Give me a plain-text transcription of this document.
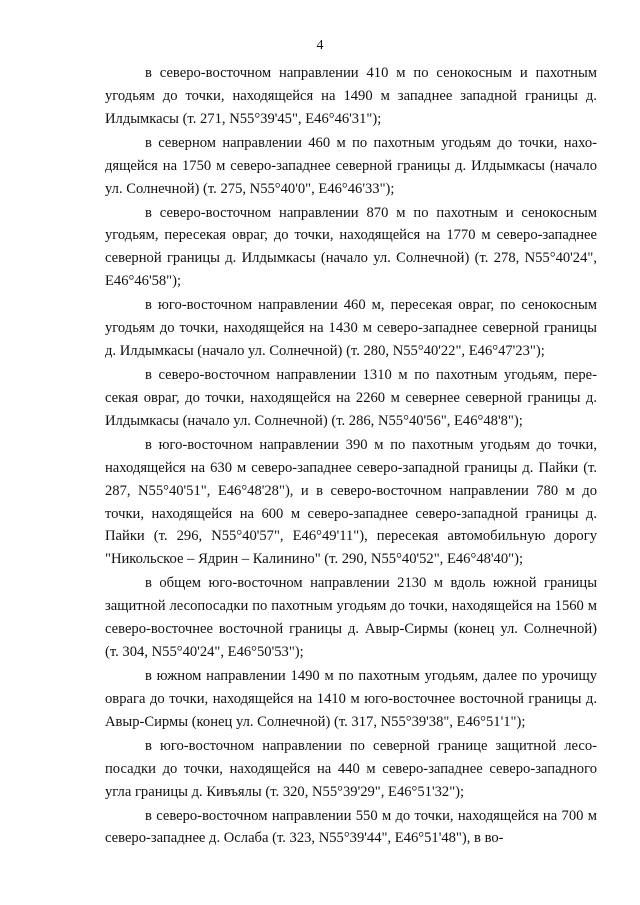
4

в северо-восточном направлении 410 м по сенокосным и пахотным угодьям до точки, находящейся на 1490 м западнее западной границы д. Илдымкасы (т. 271, N55°39'45", E46°46'31");

в северном направлении 460 м по пахотным угодьям до точки, находящейся на 1750 м северо-западнее северной границы д. Илдымкасы (начало ул. Солнечной) (т. 275, N55°40'0", E46°46'33");

в северо-восточном направлении 870 м по пахотным и сенокосным угодьям, пересекая овраг, до точки, находящейся на 1770 м северо-западнее северной границы д. Илдымкасы (начало ул. Солнечной) (т. 278, N55°40'24", E46°46'58");

в юго-восточном направлении 460 м, пересекая овраг, по сенокосным угодьям до точки, находящейся на 1430 м северо-западнее северной границы д. Илдымкасы (начало ул. Солнечной) (т. 280, N55°40'22", E46°47'23");

в северо-восточном направлении 1310 м по пахотным угодьям, пересекая овраг, до точки, находящейся на 2260 м севернее северной границы д. Илдымкасы (начало ул. Солнечной) (т. 286, N55°40'56", E46°48'8");

в юго-восточном направлении 390 м по пахотным угодьям до точки, находящейся на 630 м северо-западнее северо-западной границы д. Пайки (т. 287, N55°40'51", E46°48'28"), и в северо-восточном направлении 780 м до точки, находящейся на 600 м северо-западнее северо-западной границы д. Пайки (т. 296, N55°40'57", E46°49'11"), пересекая автомобильную дорогу "Никольское – Ядрин – Калинино" (т. 290, N55°40'52", E46°48'40");

в общем юго-восточном направлении 2130 м вдоль южной границы защитной лесопосадки по пахотным угодьям до точки, находящейся на 1560 м северо-восточнее восточной границы д. Авыр-Сирмы (конец ул. Солнечной) (т. 304, N55°40'24", E46°50'53");

в южном направлении 1490 м по пахотным угодьям, далее по урочищу оврага до точки, находящейся на 1410 м юго-восточнее восточной границы д. Авыр-Сирмы (конец ул. Солнечной) (т. 317, N55°39'38", E46°51'1");

в юго-восточном направлении по северной границе защитной лесопосадки до точки, находящейся на 440 м северо-западнее северо-западного угла границы д. Кивъялы (т. 320, N55°39'29", E46°51'32");

в северо-восточном направлении 550 м до точки, находящейся на 700 м северо-западнее д. Ослаба (т. 323, N55°39'44", E46°51'48"), в во-
